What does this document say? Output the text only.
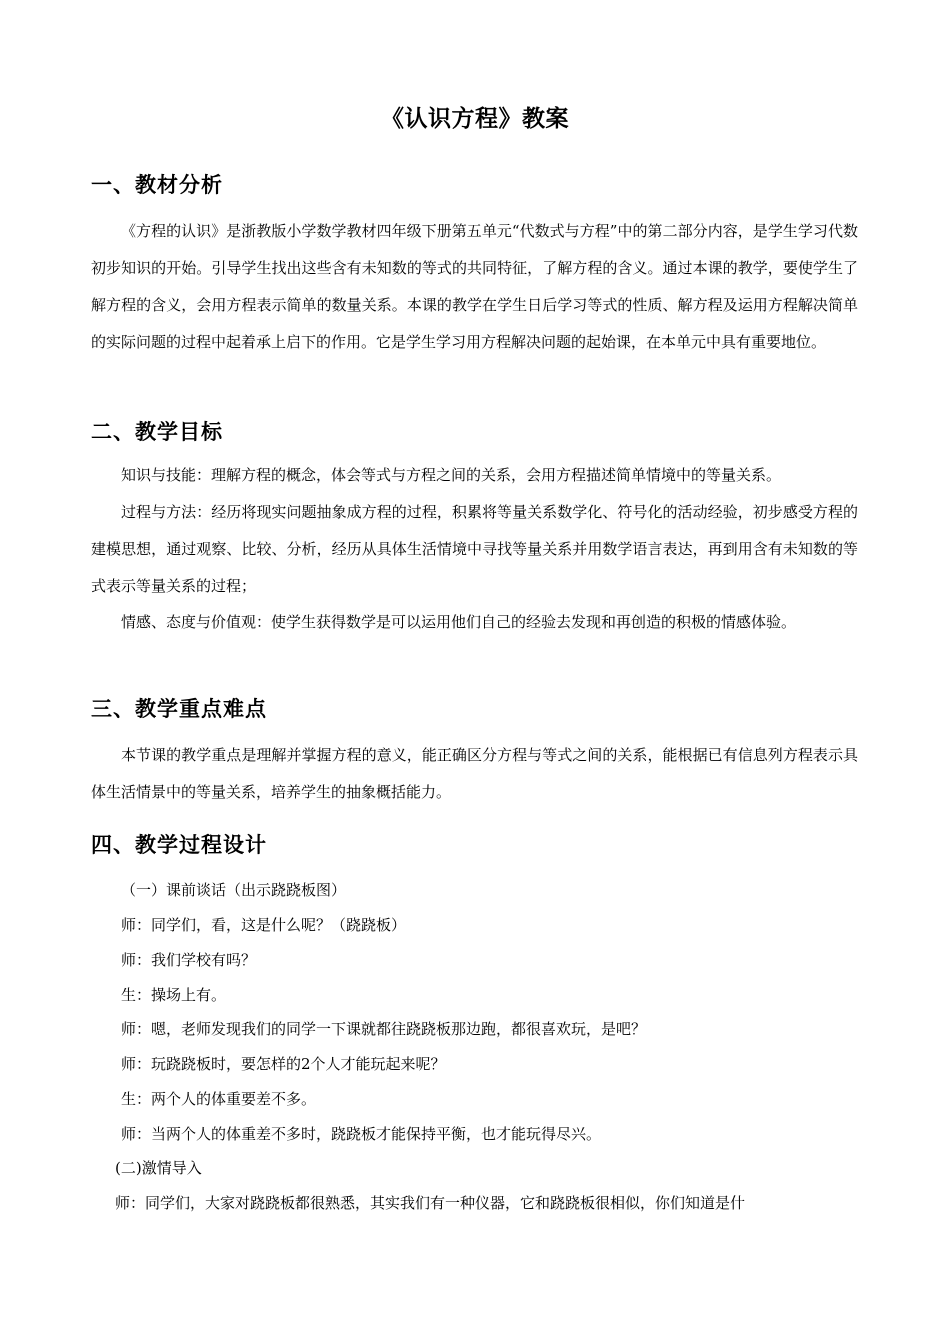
《认识方程》教案
一、教材分析

《方程的认识》是浙教版小学数学教材四年级下册第五单元“代数式与方程”中的第二部分内容，是学生学习代数初步知识的开始。引导学生找出这些含有未知数的等式的共同特征，了解方程的含义。通过本课的教学，要使学生了解方程的含义，会用方程表示简单的数量关系。本课的教学在学生日后学习等式的性质、解方程及运用方程解决简单的实际问题的过程中起着承上启下的作用。它是学生学习用方程解决问题的起始课，在本单元中具有重要地位。

二、教学目标

知识与技能：理解方程的概念，体会等式与方程之间的关系，会用方程描述简单情境中的等量关系。

过程与方法：经历将现实问题抽象成方程的过程，积累将等量关系数学化、符号化的活动经验，初步感受方程的建模思想，通过观察、比较、分析，经历从具体生活情境中寻找等量关系并用数学语言表达，再到用含有未知数的等式表示等量关系的过程；

情感、态度与价值观：使学生获得数学是可以运用他们自己的经验去发现和再创造的积极的情感体验。

三、教学重点难点

本节课的教学重点是理解并掌握方程的意义，能正确区分方程与等式之间的关系，能根据已有信息列方程表示具体生活情景中的等量关系，培养学生的抽象概括能力。

四、教学过程设计

（一）课前谈话（出示跷跷板图）

师：同学们，看，这是什么呢？（跷跷板）

师：我们学校有吗？

生：操场上有。

师：嗯，老师发现我们的同学一下课就都往跷跷板那边跑，都很喜欢玩，是吧？

师：玩跷跷板时，要怎样的2个人才能玩起来呢？

生：两个人的体重要差不多。

师：当两个人的体重差不多时，跷跷板才能保持平衡，也才能玩得尽兴。

(二)激情导入

师：同学们，大家对跷跷板都很熟悉，其实我们有一种仪器，它和跷跷板很相似，你们知道是什
